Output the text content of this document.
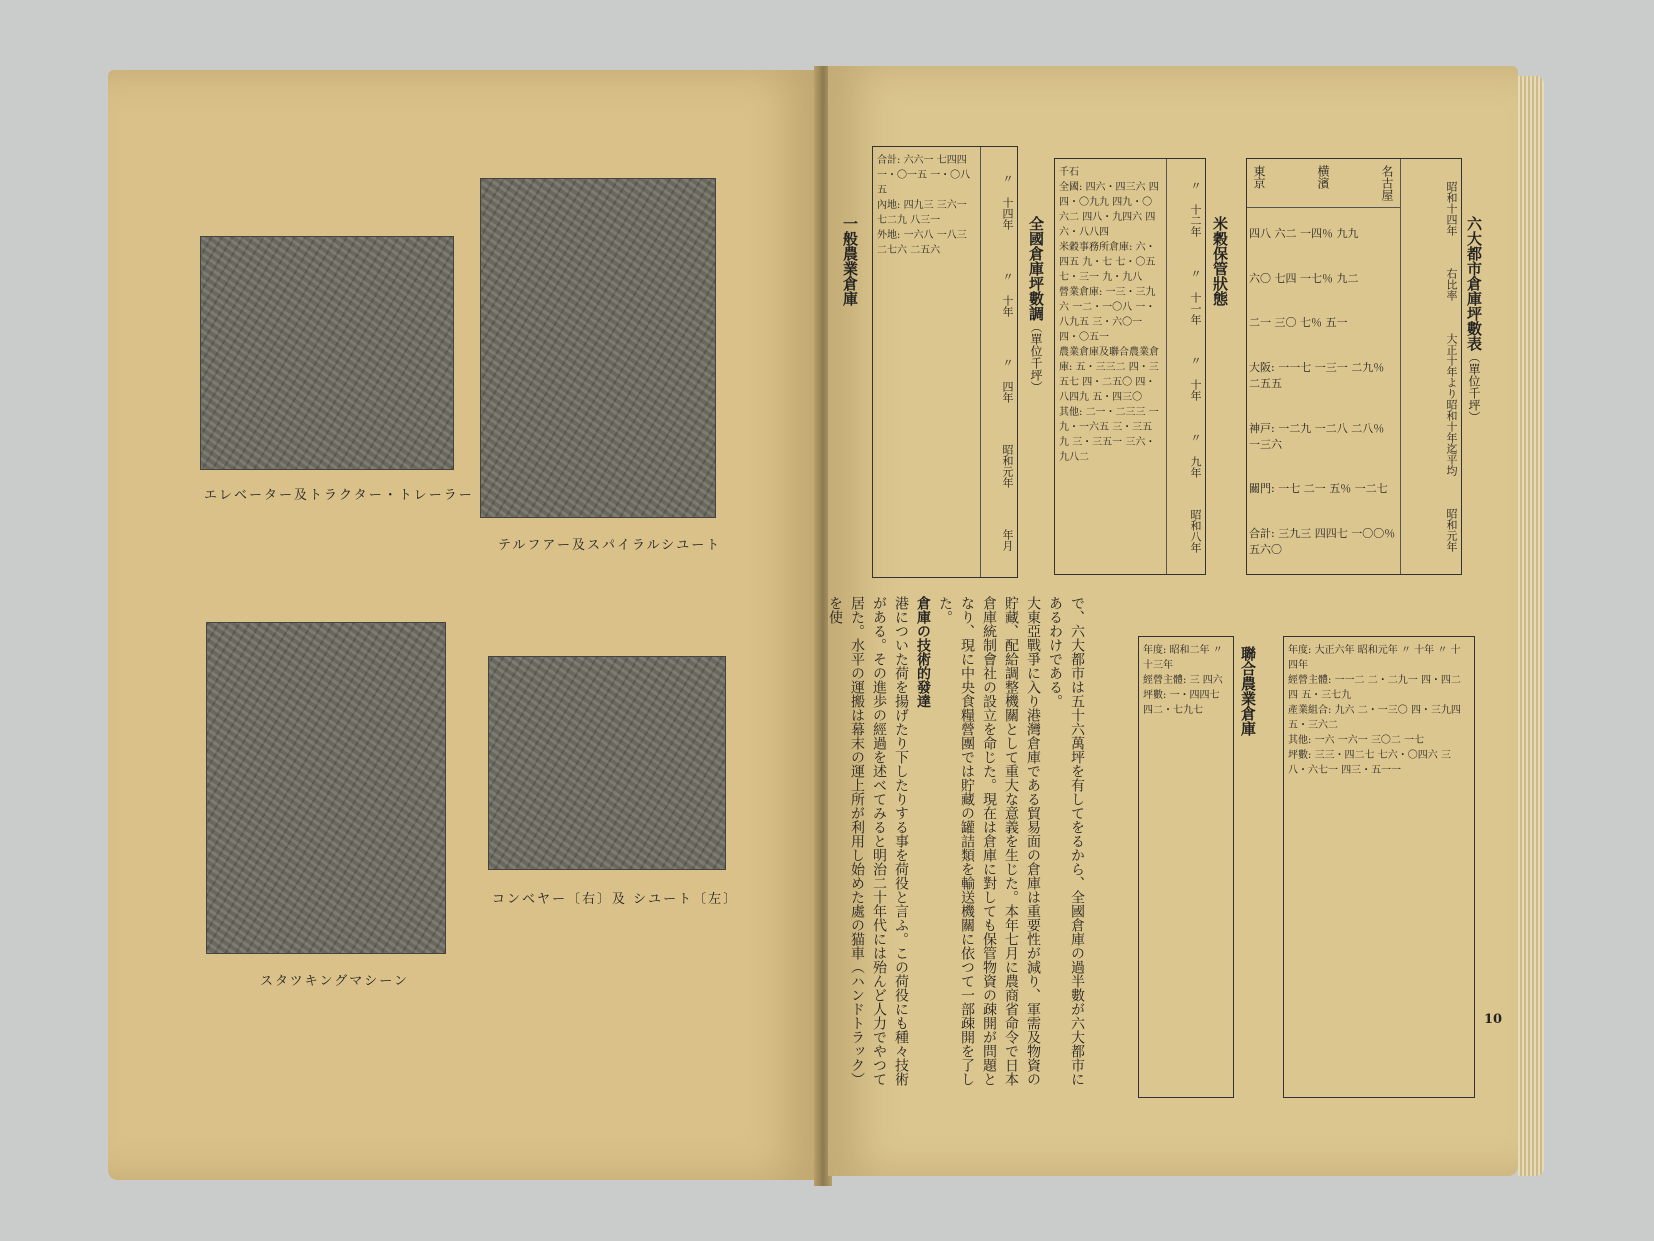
エレベーター及トラクター・トレーラー
テルフアー及スパイラルシユート
スタツキングマシーン
コンベヤー〔右〕及 シユート〔左〕
六大都市倉庫坪數表（單位千坪）
昭和元年
大正十年より昭和十年迄平均
右比率
昭和十四年
東京	横濱	名古屋
四八 六二 一四％ 九九
六〇 七四 一七％ 九二
二一 三〇 七％ 五一
大阪: 一一七 一三一 二九％ 二五五
神戸: 一二九 一二八 二八％ 一三六
關門: 一七 二一 五％ 一二七
合計: 三九三 四四七 一〇〇％ 五六〇
米穀保管狀態
昭和八年
〃 九年
〃 十年
〃 十一年
〃 十二年
千石
全國: 四六・四三六 四四・〇九九 四九・〇六二 四八・九四六 四六・八八四
米穀事務所倉庫: 六・四五 九・七 七・〇五 七・三一 九・九八
營業倉庫: 一三・三九六 一二・一〇八 一・八九五 三・六〇一 四・〇五一
農業倉庫及聯合農業倉庫: 五・三三二 四・三五七 四・二五〇 四・八四九 五・四三〇
其他: 二一・二三三 一九・一六五 三・三五九 三・三五一 三六・九八二
全國倉庫坪數調（單位千坪）
年月
昭和元年
〃 四年
〃 十年
〃 十四年
合計: 六六一 七四四 一・〇一五 一・〇八五
內地: 四九三 三六一 七二九 八三一
外地: 一六八 一八三 二七六 二五六
一般農業倉庫
聯合農業倉庫
年度: 昭和二年 〃 十三年
經營主體: 三 四六
坪數: 一・四四七 四二・七九七
年度: 大正六年 昭和元年 〃 十年 〃 十四年
經營主體: 一一二 二・二九一 四・四二四 五・三七九
產業組合: 九六 二・一三〇 四・三九四 五・三六二
其他: 一六 一六一 三〇二 一七
坪數: 三三・四二七 七六・〇四六 三八・六七一 四三・五一一

で、六大都市は五十六萬坪を有してをるから、全國倉庫の過半數が六大都市にあるわけである。

大東亞戰爭に入り港灣倉庫である貿易面の倉庫は重要性が減り、軍需及物資の貯藏、配給調整機關として重大な意義を生じた。本年七月に農商省命令で日本倉庫統制會社の設立を命じた。現在は倉庫に對しても保管物資の疎開が問題となり、現に中央食糧營團では貯藏の罐詰類を輸送機關に依つて一部疎開を了した。

倉庫の技術的發達

港についた荷を揚げたり下したりする事を荷役と言ふ。この荷役にも種々技術がある。その進歩の經過を述べてみると明治二十年代には殆んど人力でやつて居た。水平の運搬は幕末の運上所が利用し始めた處の猫車（ハンドトラック）を使

10
